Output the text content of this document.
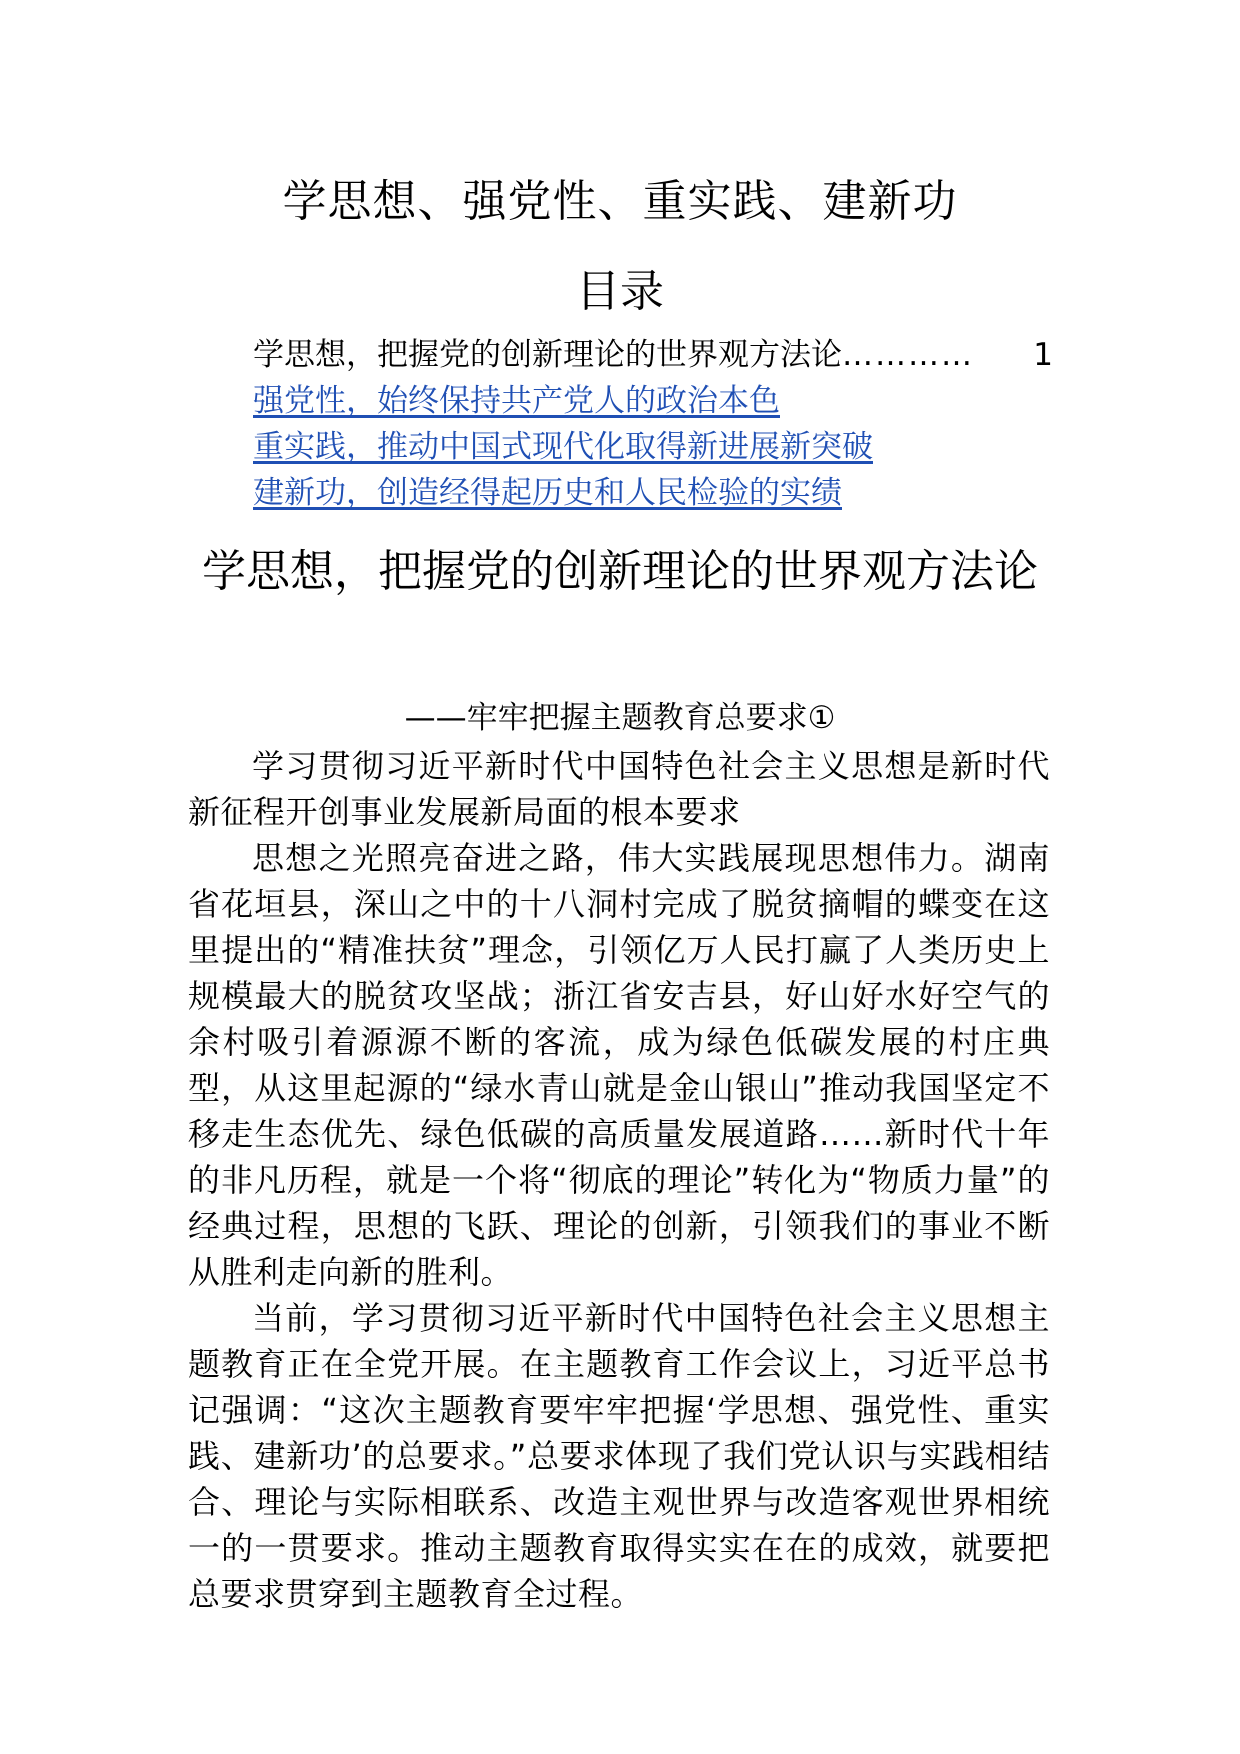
学思想、强党性、重实践、建新功
目录
学思想，把握党的创新理论的世界观方法论 …………	1
强党性，始终保持共产党人的政治本色
重实践，推动中国式现代化取得新进展新突破
建新功，创造经得起历史和人民检验的实绩
学思想，把握党的创新理论的世界观方法论
——牢牢把握主题教育总要求①

学习贯彻习近平新时代中国特色社会主义思想是新时代新征程开创事业发展新局面的根本要求

思想之光照亮奋进之路，伟大实践展现思想伟力。湖南省花垣县，深山之中的十八洞村完成了脱贫摘帽的蝶变在这里提出的“精准扶贫”理念，引领亿万人民打赢了人类历史上规模最大的脱贫攻坚战；浙江省安吉县，好山好水好空气的余村吸引着源源不断的客流，成为绿色低碳发展的村庄典型，从这里起源的“绿水青山就是金山银山”推动我国坚定不移走生态优先、绿色低碳的高质量发展道路……新时代十年的非凡历程，就是一个将“彻底的理论”转化为“物质力量”的经典过程，思想的飞跃、理论的创新，引领我们的事业不断从胜利走向新的胜利。

当前，学习贯彻习近平新时代中国特色社会主义思想主题教育正在全党开展。在主题教育工作会议上，习近平总书记强调：“这次主题教育要牢牢把握‘学思想、强党性、重实践、建新功’的总要求。”总要求体现了我们党认识与实践相结合、理论与实际相联系、改造主观世界与改造客观世界相统一的一贯要求。推动主题教育取得实实在在的成效，就要把总要求贯穿到主题教育全过程。
